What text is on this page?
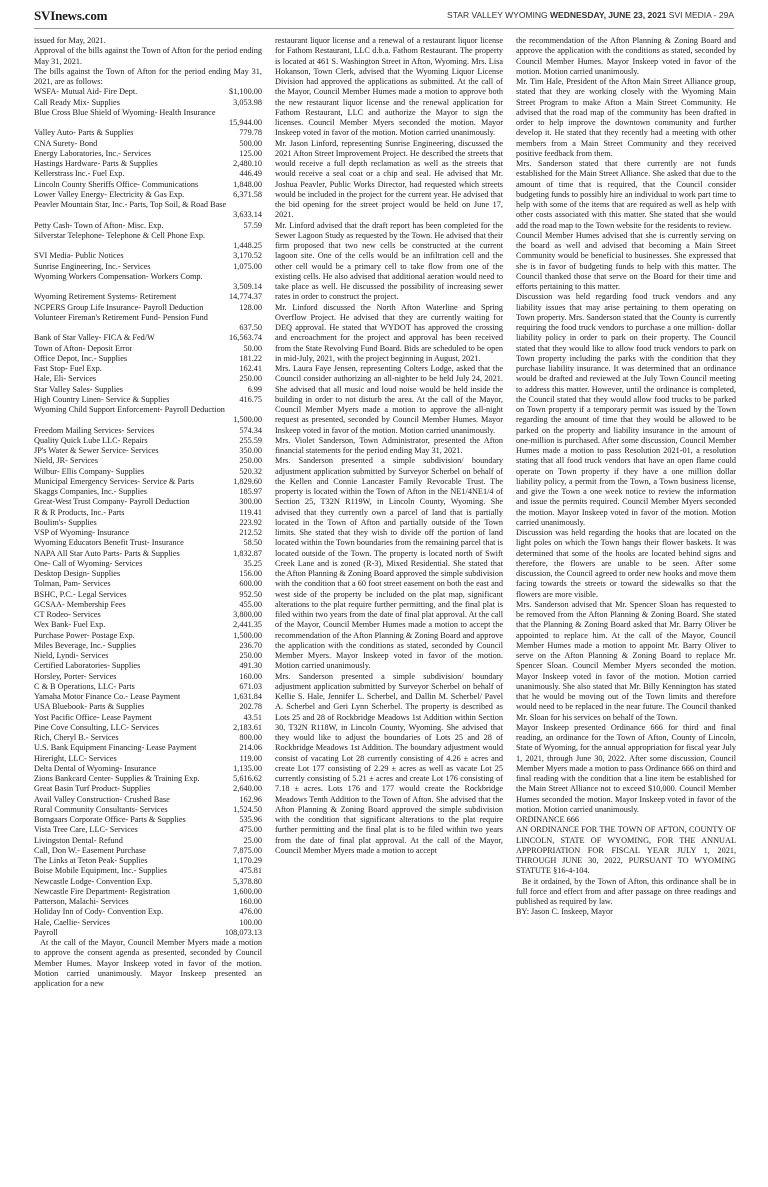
SVInews.com	STAR VALLEY WYOMING WEDNESDAY, JUNE 23, 2021 SVI MEDIA - 29A

issued for May, 2021.

Approval of the bills against the Town of Afton for the period ending May 31, 2021.

The bills against the Town of Afton for the period ending May 31, 2021, are as follows:

WSFA- Mutual Aid- Fire Dept.	$1,100.00
Call Ready Mix- Supplies	3,053.98
Blue Cross Blue Shield of Wyoming- Health Insurance
15,944.00
Valley Auto- Parts & Supplies	779.78
CNA Surety- Bond	500.00
Energy Laboratories, Inc.- Services	125.00
Hastings Hardware- Parts & Supplies	2,480.10
Kellerstrass Inc.- Fuel Exp.	446.49
Lincoln County Sheriffs Office- Communications	1,848.00
Lower Valley Energy- Electricity & Gas Exp.	6,371.58
Peavler Mountain Star, Inc.- Parts, Top Soil, & Road Base
3,633.14
Petty Cash- Town of Afton- Misc. Exp.	57.59
Silverstar Telephone- Telephone & Cell Phone Exp.
1,448.25
SVI Media- Public Notices	3,170.52
Sunrise Engineering, Inc.- Services	1,075.00
Wyoming Workers Compensation- Workers Comp.
3,509.14
Wyoming Retirement Systems- Retirement	14,774.37
NCPERS Group Life Insurance- Payroll Deduction	128.00
Volunteer Fireman's Retirement Fund- Pension Fund
637.50
Bank of Star Valley- FICA & Fed/W	16,563.74
Town of Afton- Deposit Error	50.00
Office Depot, Inc.- Supplies	181.22
Fast Stop- Fuel Exp.	162.41
Hale, Eli- Services	250.00
Star Valley Sales- Supplies	6.99
High Country Linen- Service & Supplies	416.75
Wyoming Child Support Enforcement- Payroll Deduction
1,500.00
Freedom Mailing Services- Services	574.34
Quality Quick Lube LLC- Repairs	255.59
JP's Water & Sewer Service- Services	350.00
Nield, JR- Services	250.00
Wilbur- Ellis Company- Supplies	520.32
Municipal Emergency Services- Service & Parts	1,829.60
Skaggs Companies, Inc.- Supplies	185.97
Great-West Trust Company- Payroll Deduction	300.00
R & R Products, Inc.- Parts	119.41
Boulim's- Supplies	223.92
VSP of Wyoming- Insurance	212.52
Wyoming Educators Benefit Trust- Insurance	58.50
NAPA All Star Auto Parts- Parts & Supplies	1,832.87
One- Call of Wyoming- Services	35.25
Desktop Design- Supplies	156.00
Tolman, Pam- Services	600.00
BSHC, P.C.- Legal Services	952.50
GCSAA- Membership Fees	455.00
CT Rodeo- Services	3,800.00
Wex Bank- Fuel Exp.	2,441.35
Purchase Power- Postage Exp.	1,500.00
Miles Beverage, Inc.- Supplies	236.70
Nield, Lyndi- Services	250.00
Certified Laboratories- Supplies	491.30
Horsley, Porter- Services	160.00
C & B Operations, LLC- Parts	671.03
Yamaha Motor Finance Co.- Lease Payment	1,631.84
USA Bluebook- Parts & Supplies	202.78
Yost Pacific Office- Lease Payment	43.51
Pine Cove Consulting, LLC- Services	2,183.61
Rich, Cheryl B.- Services	800.00
U.S. Bank Equipment Financing- Lease Payment	214.06
Hireright, LLC- Services	119.00
Delta Dental of Wyoming- Insurance	1,135.00
Zions Bankcard Center- Supplies & Training Exp.	5,616.62
Great Basin Turf Product- Supplies	2,640.00
Avail Valley Construction- Crushed Base	162.96
Rural Community Consultants- Services	1,524.50
Bomgaars Corporate Office- Parts & Supplies	535.96
Vista Tree Care, LLC- Services	475.00
Livingston Dental- Refund	25.00
Call, Don W.- Easement Purchase	7,875.00
The Links at Teton Peak- Supplies	1,170.29
Boise Mobile Equipment, Inc.- Supplies	475.81
Newcastle Lodge- Convention Exp.	5,378.80
Newcastle Fire Department- Registration	1,600.00
Patterson, Malachi- Services	160.00
Holiday Inn of Cody- Convention Exp.	476.00
Hale, Caellie- Services	100.00
Payroll	108,073.13

At the call of the Mayor, Council Member Myers made a motion to approve the consent agenda as presented, seconded by Council Member Humes. Mayor Inskeep voted in favor of the motion. Motion carried unanimously. Mayor Inskeep presented an application for a new

restaurant liquor license and a renewal of a restaurant liquor license for Fathom Restaurant, LLC d.b.a. Fathom Restaurant. The property is located at 461 S. Washington Street in Afton, Wyoming. Mrs. Lisa Hokanson, Town Clerk, advised that the Wyoming Liquor License Division had approved the applications as submitted. At the call of the Mayor, Council Member Humes made a motion to approve both the new restaurant liquor license and the renewal application for Fathom Restaurant, LLC and authorize the Mayor to sign the licenses. Council Member Myers seconded the motion. Mayor Inskeep voted in favor of the motion. Motion carried unanimously.

Mr. Jason Linford, representing Sunrise Engineering, discussed the 2021 Afton Street Improvement Project. He described the streets that would receive a full depth reclamation as well as the streets that would receive a seal coat or a chip and seal. He advised that Mr. Joshua Peavler, Public Works Director, had requested which streets would be included in the project for the current year. He advised that the bid opening for the street project would be held on June 17, 2021.

Mr. Linford advised that the draft report has been completed for the Sewer Lagoon Study as requested by the Town. He advised that their firm proposed that two new cells be constructed at the current lagoon site. One of the cells would be an infiltration cell and the other cell would be a primary cell to take flow from one of the existing cells. He also advised that additional aeration would need to take place as well. He discussed the possibility of increasing sewer rates in order to construct the project.

Mr. Linford discussed the North Afton Waterline and Spring Overflow Project. He advised that they are currently waiting for DEQ approval. He stated that WYDOT has approved the crossing and encroachment for the project and approval has been received from the State Revolving Fund Board. Bids are scheduled to be open in mid-July, 2021, with the project beginning in August, 2021.

Mrs. Laura Faye Jensen, representing Colters Lodge, asked that the Council consider authorizing an all-nighter to be held July 24, 2021. She advised that all music and loud noise would be held inside the building in order to not disturb the area. At the call of the Mayor, Council Member Myers made a motion to approve the all-night request as presented, seconded by Council Member Humes. Mayor Inskeep voted in favor of the motion. Motion carried unanimously.

Mrs. Violet Sanderson, Town Administrator, presented the Afton financial statements for the period ending May 31, 2021.

Mrs. Sanderson presented a simple subdivision/ boundary adjustment application submitted by Surveyor Scherbel on behalf of the Kellen and Connie Lancaster Family Revocable Trust. The property is located within the Town of Afton in the NE1/4NE1/4 of Section 25, T32N R119W, in Lincoln County, Wyoming. She advised that they currently own a parcel of land that is partially located in the Town of Afton and partially outside of the Town limits. She stated that they wish to divide off the portion of land located within the Town boundaries from the remaining parcel that is located outside of the Town. The property is located north of Swift Creek Lane and is zoned (R-3), Mixed Residential. She stated that the Afton Planning & Zoning Board approved the simple subdivision with the condition that a 60 foot street easement on both the east and west side of the property be included on the plat map, significant alterations to the plat require further permitting, and the final plat is filed within two years from the date of final plat approval. At the call of the Mayor, Council Member Humes made a motion to accept the recommendation of the Afton Planning & Zoning Board and approve the application with the conditions as stated, seconded by Council Member Myers. Mayor Inskeep voted in favor of the motion. Motion carried unanimously.

Mrs. Sanderson presented a simple subdivision/ boundary adjustment application submitted by Surveyor Scherbel on behalf of Kellie S. Hale, Jennifer L. Scherbel, and Dallin M. Scherbel/ Pavel A. Scherbel and Geri Lynn Scherbel. The property is described as Lots 25 and 28 of Rockbridge Meadows 1st Addition within Section 30, T32N R118W, in Lincoln County, Wyoming. She advised that they would like to adjust the boundaries of Lots 25 and 28 of Rockbridge Meadows 1st Addition. The boundary adjustment would consist of vacating Lot 28 currently consisting of 4.26 ± acres and create Lot 177 consisting of 2.29 ± acres as well as vacate Lot 25 currently consisting of 5.21 ± acres and create Lot 176 consisting of 7.18 ± acres. Lots 176 and 177 would create the Rockbridge Meadows Tenth Addition to the Town of Afton. She advised that the Afton Planning & Zoning Board approved the simple subdivision with the condition that significant alterations to the plat require further permitting and the final plat is to be filed within two years from the date of final plat approval. At the call of the Mayor, Council Member Myers made a motion to accept

the recommendation of the Afton Planning & Zoning Board and approve the application with the conditions as stated, seconded by Council Member Humes. Mayor Inskeep voted in favor of the motion. Motion carried unanimously.

Mr. Tim Hale, President of the Afton Main Street Alliance group, stated that they are working closely with the Wyoming Main Street Program to make Afton a Main Street Community. He advised that the road map of the community has been drafted in order to help improve the downtown community and further develop it. He stated that they recently had a meeting with other members from a Main Street Community and they received positive feedback from them.

Mrs. Sanderson stated that there currently are not funds established for the Main Street Alliance. She asked that due to the amount of time that is required, that the Council consider budgeting funds to possibly hire an individual to work part time to help with some of the items that are required as well as help with other costs associated with this matter. She stated that she would add the road map to the Town website for the residents to review.

Council Member Humes advised that she is currently serving on the board as well and advised that becoming a Main Street Community would be beneficial to businesses. She expressed that she is in favor of budgeting funds to help with this matter. The Council thanked those that serve on the Board for their time and efforts pertaining to this matter.

Discussion was held regarding food truck vendors and any liability issues that may arise pertaining to them operating on Town property. Mrs. Sanderson stated that the County is currently requiring the food truck vendors to purchase a one million- dollar liability policy in order to park on their property. The Council stated that they would like to allow food truck vendors to park on Town property including the parks with the condition that they purchase liability insurance. It was determined that an ordinance would be drafted and reviewed at the July Town Council meeting to address this matter. However, until the ordinance is completed, the Council stated that they would allow food trucks to be parked on Town property if a temporary permit was issued by the Town regarding the amount of time that they would be allowed to be parked on the property and liability insurance in the amount of one-million is purchased. After some discussion, Council Member Humes made a motion to pass Resolution 2021-01, a resolution stating that all food truck vendors that have an open flame could operate on Town property if they have a one million dollar liability policy, a permit from the Town, a Town business license, and give the Town a one week notice to review the information and issue the permits required. Council Member Myers seconded the motion. Mayor Inskeep voted in favor of the motion. Motion carried unanimously.

Discussion was held regarding the hooks that are located on the light poles on which the Town hangs their flower baskets. It was determined that some of the hooks are located behind signs and therefore, the flowers are unable to be seen. After some discussion, the Council agreed to order new hooks and move them facing towards the streets or toward the sidewalks so that the flowers are more visible.

Mrs. Sanderson advised that Mr. Spencer Sloan has requested to be removed from the Afton Planning & Zoning Board. She stated that the Planning & Zoning Board asked that Mr. Barry Oliver be appointed to replace him. At the call of the Mayor, Council Member Humes made a motion to appoint Mr. Barry Oliver to serve on the Afton Planning & Zoning Board to replace Mr. Spencer Sloan. Council Member Myers seconded the motion. Mayor Inskeep voted in favor of the motion. Motion carried unanimously. She also stated that Mr. Billy Kennington has stated that he would be moving out of the Town limits and therefore would need to be replaced in the near future. The Council thanked Mr. Sloan for his services on behalf of the Town.

Mayor Inskeep presented Ordinance 666 for third and final reading, an ordinance for the Town of Afton, County of Lincoln, State of Wyoming, for the annual appropriation for fiscal year July 1, 2021, through June 30, 2022. After some discussion, Council Member Myers made a motion to pass Ordinance 666 on third and final reading with the condition that a line item be established for the Main Street Alliance not to exceed $10,000. Council Member Humes seconded the motion. Mayor Inskeep voted in favor of the motion. Motion carried unanimously.

ORDINANCE 666

AN ORDINANCE FOR THE TOWN OF AFTON, COUNTY OF LINCOLN, STATE OF WYOMING, FOR THE ANNUAL APPROPRIATION FOR FISCAL YEAR JULY 1, 2021, THROUGH JUNE 30, 2022, PURSUANT TO WYOMING STATUTE §16-4-104.

Be it ordained, by the Town of Afton, this ordinance shall be in full force and effect from and after passage on three readings and published as required by law.

BY: Jason C. Inskeep, Mayor
